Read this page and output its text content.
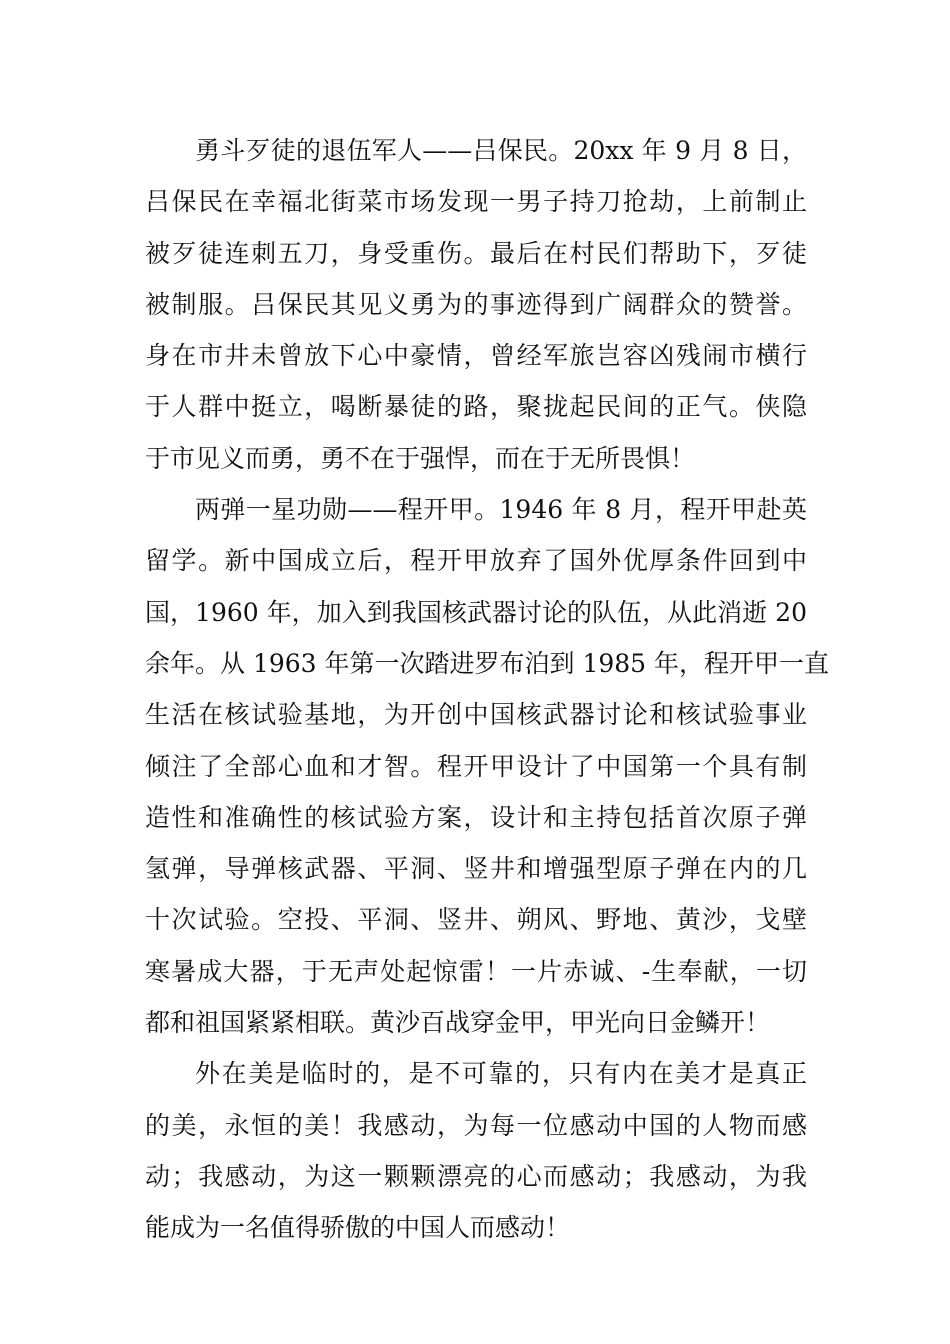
勇斗歹徒的退伍军人——吕保民。20xx 年 9 月 8 日，
吕保民在幸福北街菜市场发现一男子持刀抢劫，上前制止
被歹徒连刺五刀，身受重伤。最后在村民们帮助下，歹徒
被制服。吕保民其见义勇为的事迹得到广阔群众的赞誉。
身在市井未曾放下心中豪情，曾经军旅岂容凶残闹市横行
于人群中挺立，喝断暴徒的路，聚拢起民间的正气。侠隐
于市见义而勇，勇不在于强悍，而在于无所畏惧！
两弹一星功勋——程开甲。1946 年 8 月，程开甲赴英
留学。新中国成立后，程开甲放弃了国外优厚条件回到中
国，1960 年，加入到我国核武器讨论的队伍，从此消逝 20
余年。从 1963 年第一次踏进罗布泊到 1985 年，程开甲一直
生活在核试验基地，为开创中国核武器讨论和核试验事业
倾注了全部心血和才智。程开甲设计了中国第一个具有制
造性和准确性的核试验方案，设计和主持包括首次原子弹
氢弹，导弹核武器、平洞、竖井和增强型原子弹在内的几
十次试验。空投、平洞、竖井、朔风、野地、黄沙，戈壁
寒暑成大器，于无声处起惊雷！一片赤诚、-生奉献，一切
都和祖国紧紧相联。黄沙百战穿金甲，甲光向日金鳞开！
外在美是临时的，是不可靠的，只有内在美才是真正
的美，永恒的美！我感动，为每一位感动中国的人物而感
动；我感动，为这一颗颗漂亮的心而感动；我感动，为我
能成为一名值得骄傲的中国人而感动！
